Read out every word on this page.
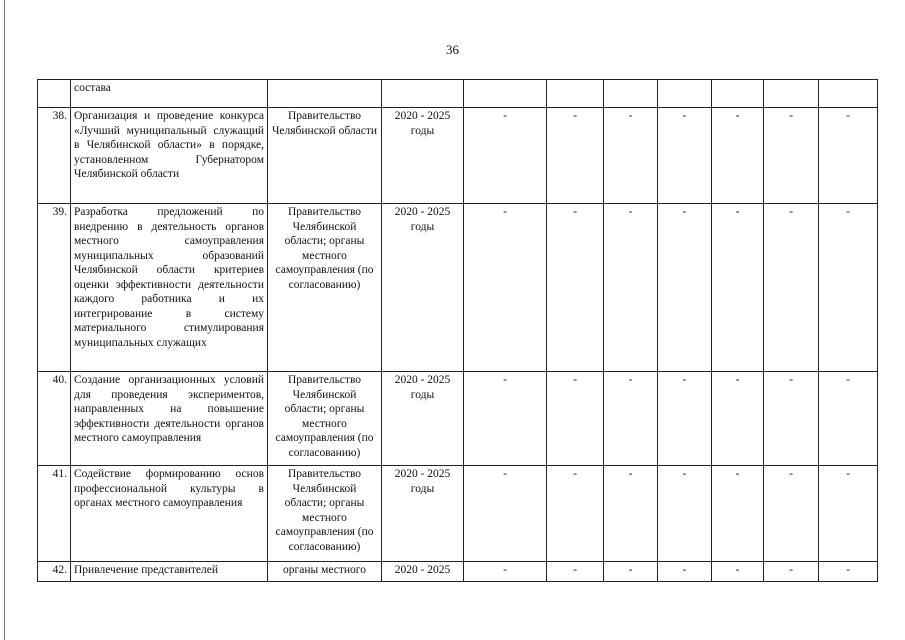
36
	состава									
38.	Организация и проведение конкурса «Лучший муниципальный служащий в Челябинской области» в порядке, установленном Губернатором Челябинской области	Правительство Челябинской области	2020 - 2025 годы	-	-	-	-	-	-	-
39.	Разработка предложений по внедрению в деятельность органов местного самоуправления муниципальных образований Челябинской области критериев оценки эффективности деятельности каждого работника и их интегрирование в систему материального стимулирования муниципальных служащих	Правительство Челябинской области; органы местного самоуправления (по согласованию)	2020 - 2025 годы	-	-	-	-	-	-	-
40.	Создание организационных условий для проведения экспериментов, направленных на повышение эффективности деятельности органов местного самоуправления	Правительство Челябинской области; органы местного самоуправления (по согласованию)	2020 - 2025 годы	-	-	-	-	-	-	-
41.	Содействие формированию основ профессиональной культуры в органах местного самоуправления	Правительство Челябинской области; органы местного самоуправления (по согласованию)	2020 - 2025 годы	-	-	-	-	-	-	-
42.	Привлечение представителей	органы местного	2020 - 2025	-	-	-	-	-	-	-
